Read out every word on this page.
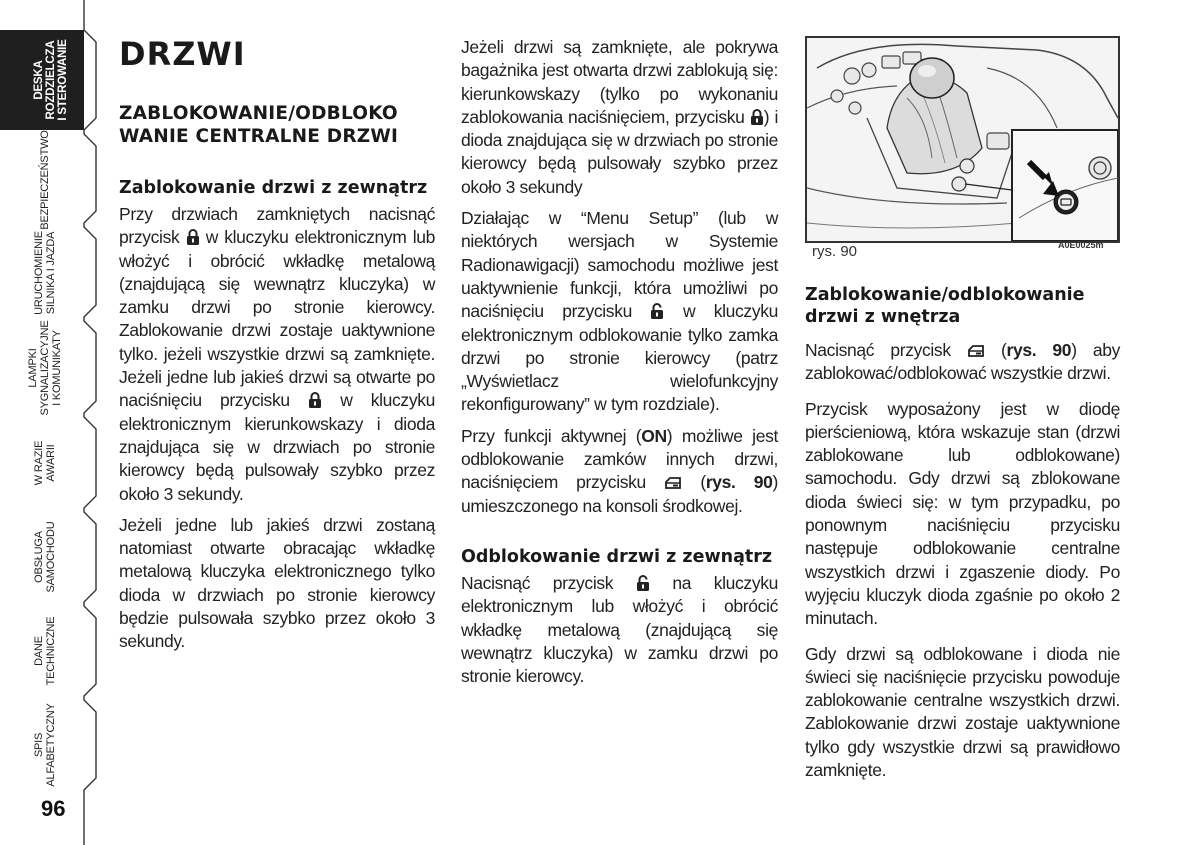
DESKA ROZDZIELCZA I STEROWANIE
BEZPIECZEŃSTWO
URUCHOMIENIE SILNIKA I JAZDA
LAMPKI SYGNALIZACYJNE I KOMUNIKATY
W RAZIE AWARII
OBSŁUGA SAMOCHODU
DANE TECHNICZNE
SPIS ALFABETYCZNY
96
DRZWI
ZABLOKOWANIE/ODBLOKO WANIE CENTRALNE DRZWI
Zablokowanie drzwi z zewnątrz

Przy drzwiach zamkniętych nacisnąć przycisk  w kluczyku elektronicznym lub włożyć i obrócić wkładkę metalową (znajdującą się wewnątrz kluczyka) w zamku drzwi po stronie kierowcy. Zablokowanie drzwi zostaje uaktywnione tylko. jeżeli wszystkie drzwi są zamknięte. Jeżeli jedne lub jakieś drzwi są otwarte po naciśnięciu przycisku  w kluczyku elektronicznym kierunkowskazy i dioda znajdująca się w drzwiach po stronie kierowcy będą pulsowały szybko przez około 3 sekundy.

Jeżeli jedne lub jakieś drzwi zostaną natomiast otwarte obracając wkładkę metalową kluczyka elektronicznego tylko dioda w drzwiach po stronie kierowcy będzie pulsowała szybko przez około 3 sekundy.

Jeżeli drzwi są zamknięte, ale pokrywa bagażnika jest otwarta drzwi zablokują się: kierunkowskazy (tylko po wykonaniu zablokowania naciśnięciem, przycisku ) i dioda znajdująca się w drzwiach po stronie kierowcy będą pulsowały szybko przez około 3 sekundy

Działając w “Menu Setup” (lub w niektórych wersjach w Systemie Radionawigacji) samochodu możliwe jest uaktywnienie funkcji, która umożliwi po naciśnięciu przycisku  w kluczyku elektronicznym odblokowanie tylko zamka drzwi po stronie kierowcy (patrz „Wyświetlacz wielofunkcyjny rekonfigurowany” w tym rozdziale).

Przy funkcji aktywnej (ON) możliwe jest odblokowanie zamków innych drzwi, naciśnięciem przycisku  (rys. 90) umieszczonego na konsoli środkowej.

Odblokowanie drzwi z zewnątrz

Nacisnąć przycisk  na kluczyku elektronicznym lub włożyć i obrócić wkładkę metalową (znajdującą się wewnątrz kluczyka) w zamku drzwi po stronie kierowcy.

rys. 90	A0E0025m
Zablokowanie/odblokowanie drzwi z wnętrza

Nacisnąć przycisk  (rys. 90) aby zablokować/odblokować wszystkie drzwi.

Przycisk wyposażony jest w diodę pierścieniową, która wskazuje stan (drzwi zablokowane lub odblokowane) samochodu. Gdy drzwi są zblokowane dioda świeci się: w tym przypadku, po ponownym naciśnięciu przycisku następuje odblokowanie centralne wszystkich drzwi i zgaszenie diody. Po wyjęciu kluczyk dioda zgaśnie po około 2 minutach.

Gdy drzwi są odblokowane i dioda nie świeci się naciśnięcie przycisku powoduje zablokowanie centralne wszystkich drzwi. Zablokowanie drzwi zostaje uaktywnione tylko gdy wszystkie drzwi są prawidłowo zamknięte.
